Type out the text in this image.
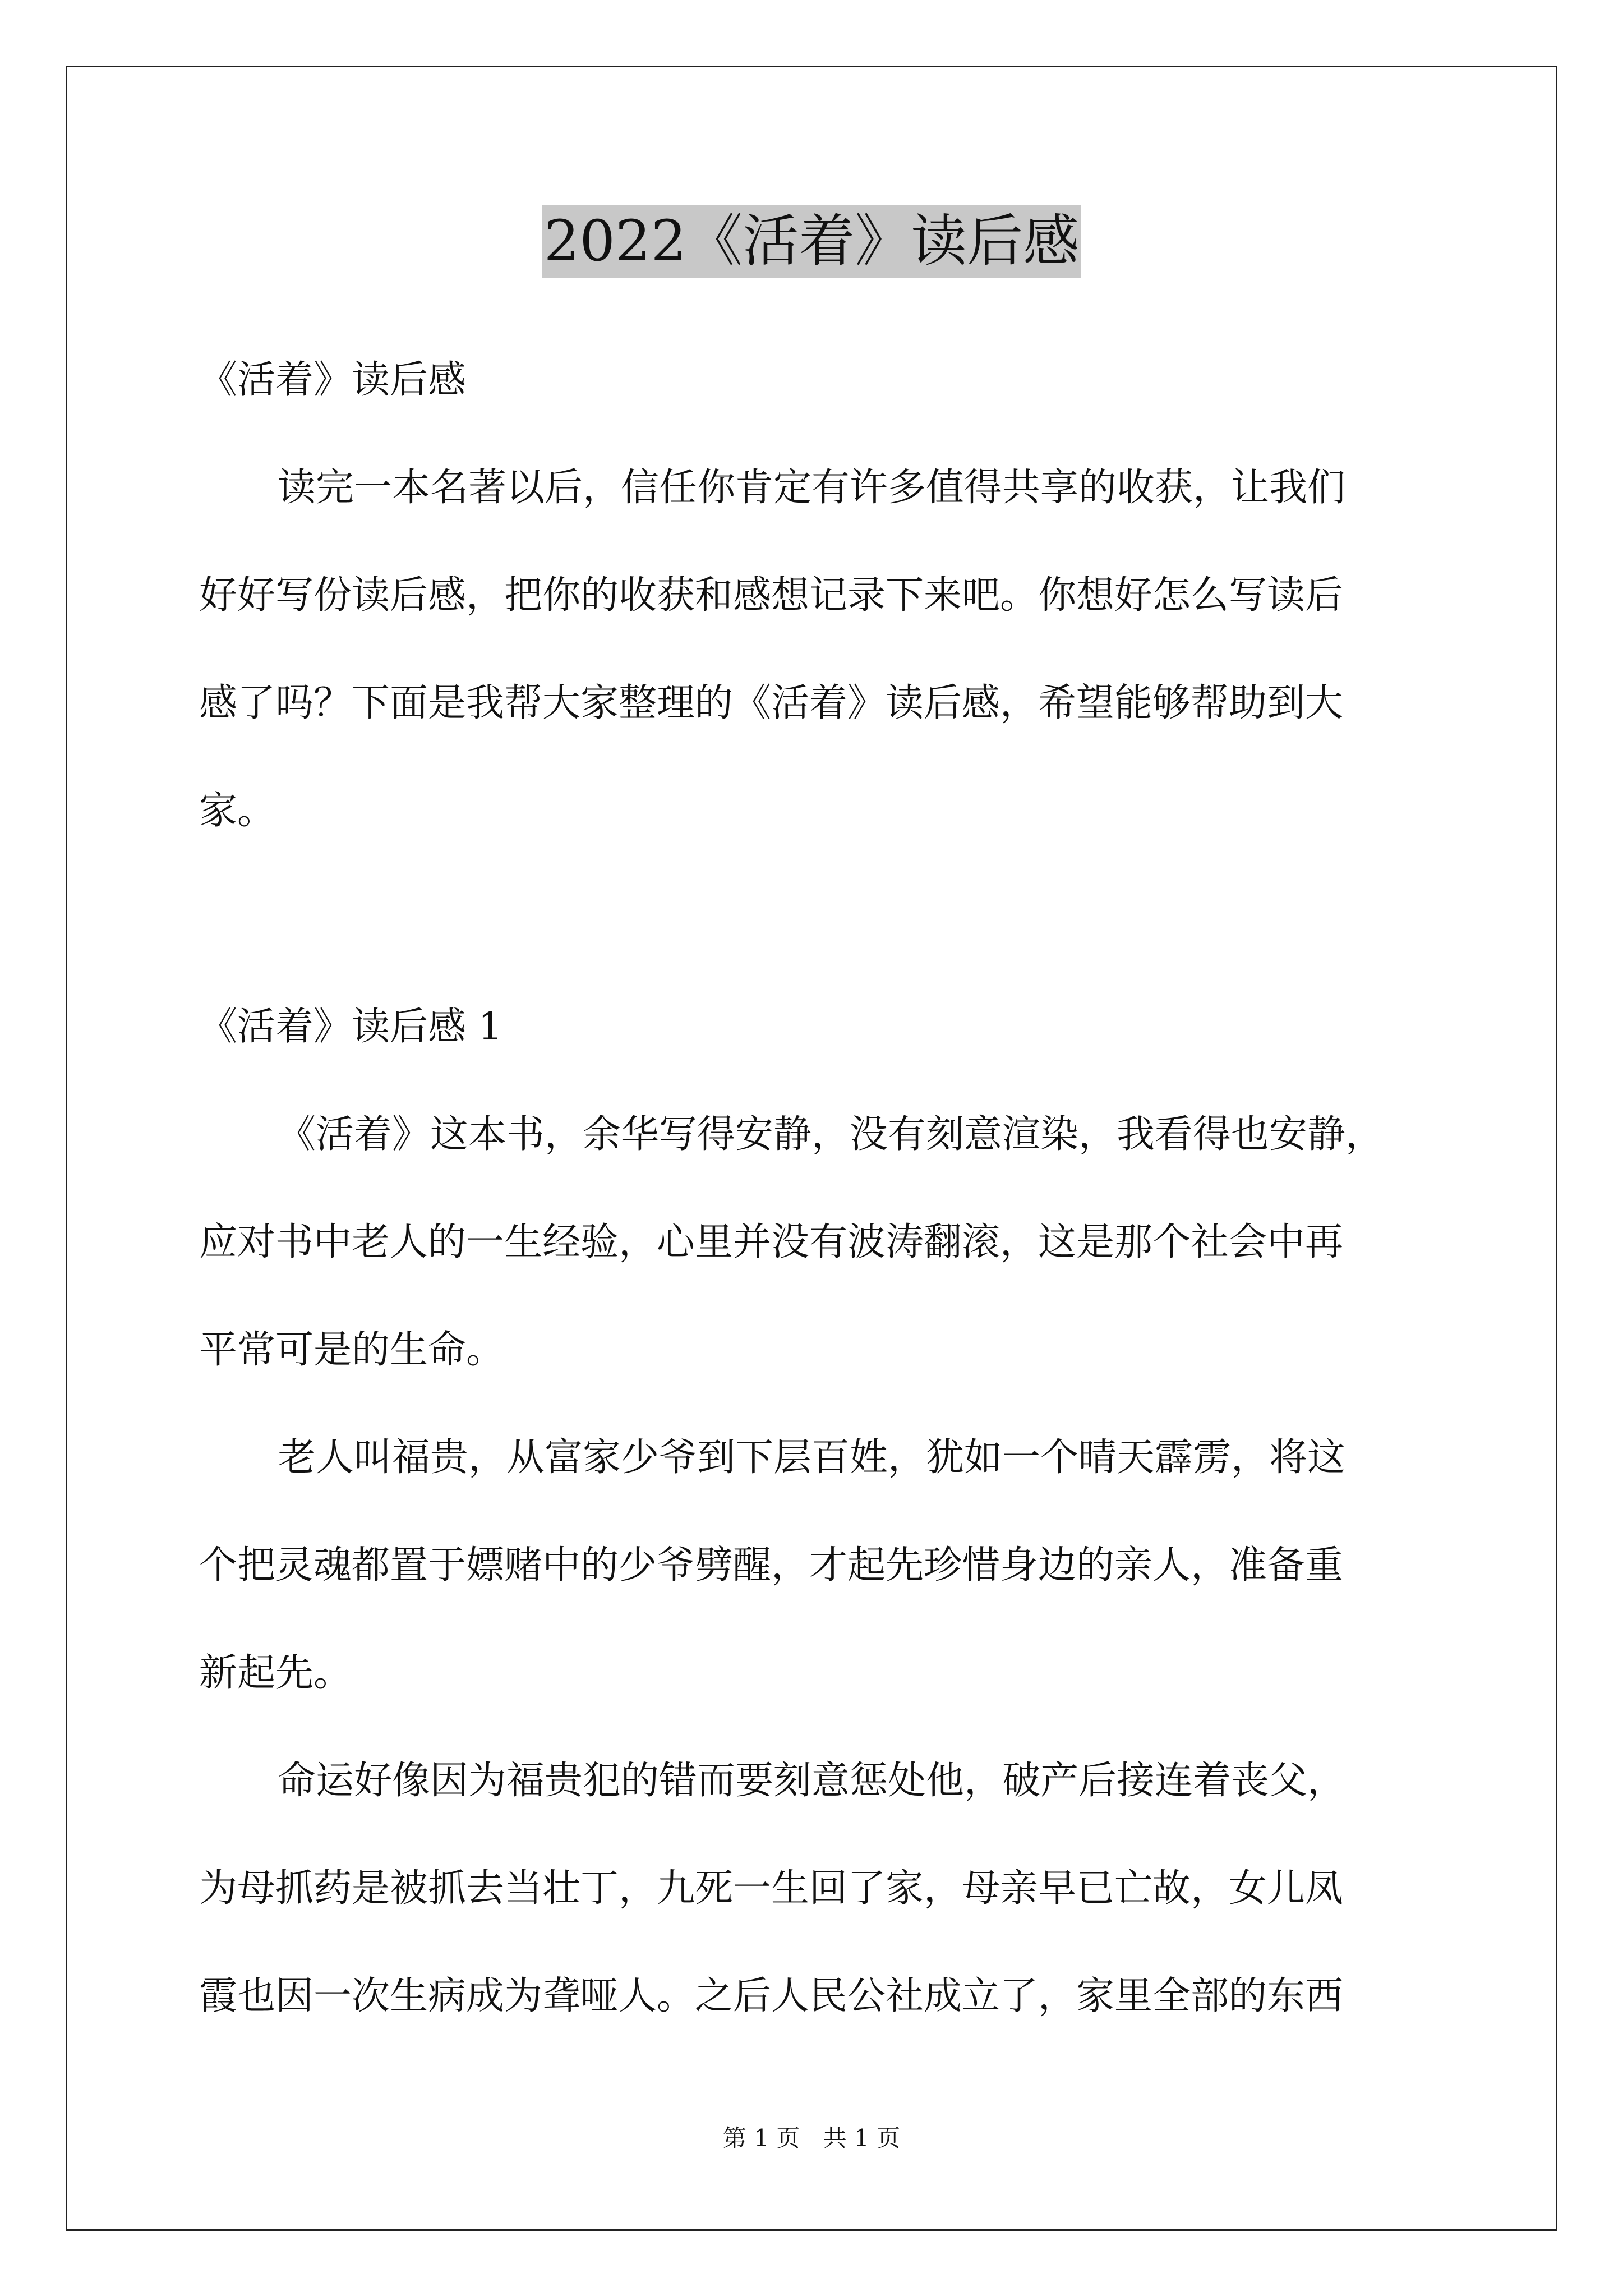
2022《活着》读后感

《活着》读后感

读完一本名著以后，信任你肯定有许多值得共享的收获，让我们

好好写份读后感，把你的收获和感想记录下来吧。你想好怎么写读后

感了吗？下面是我帮大家整理的《活着》读后感，希望能够帮助到大

家。

《活着》读后感 1

《活着》这本书，余华写得安静，没有刻意渲染，我看得也安静，

应对书中老人的一生经验，心里并没有波涛翻滚，这是那个社会中再

平常可是的生命。

老人叫福贵，从富家少爷到下层百姓，犹如一个晴天霹雳，将这

个把灵魂都置于嫖赌中的少爷劈醒，才起先珍惜身边的亲人，准备重

新起先。

命运好像因为福贵犯的错而要刻意惩处他，破产后接连着丧父，

为母抓药是被抓去当壮丁，九死一生回了家，母亲早已亡故，女儿凤

霞也因一次生病成为聋哑人。之后人民公社成立了，家里全部的东西

第 1 页 共 1 页
